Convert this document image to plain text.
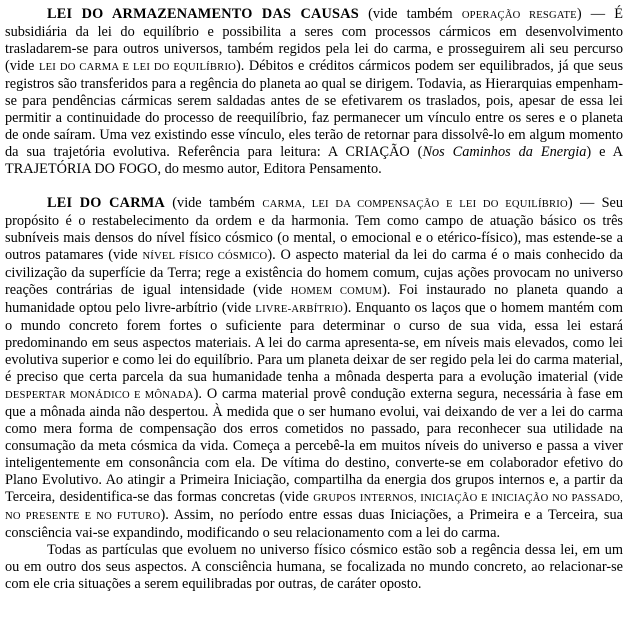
LEI DO ARMAZENAMENTO DAS CAUSAS (vide também OPERAÇÃO RESGATE) — É subsidiária da lei do equilíbrio e possibilita a seres com processos cármicos em desenvolvimento trasladarem-se para outros universos, também regidos pela lei do carma, e prosseguirem ali seu percurso (vide LEI DO CARMA E LEI DO EQUILÍBRIO). Débitos e créditos cármicos podem ser equilibrados, já que seus registros são transferidos para a regência do planeta ao qual se dirigem. Todavia, as Hierarquias empenham-se para pendências cármicas serem saldadas antes de se efetivarem os traslados, pois, apesar de essa lei permitir a continuidade do processo de reequilíbrio, faz permanecer um vínculo entre os seres e o planeta de onde saíram. Uma vez existindo esse vínculo, eles terão de retornar para dissolvê-lo em algum momento da sua trajetória evolutiva. Referência para leitura: A CRIAÇÃO (Nos Caminhos da Energia) e A TRAJETÓRIA DO FOGO, do mesmo autor, Editora Pensamento.

LEI DO CARMA (vide também CARMA, LEI DA COMPENSAÇÃO E LEI DO EQUILÍBRIO) — Seu propósito é o restabelecimento da ordem e da harmonia. Tem como campo de atuação básico os três subníveis mais densos do nível físico cósmico (o mental, o emocional e o etérico-físico), mas estende-se a outros patamares (vide NÍVEL FÍSICO CÓSMICO). O aspecto material da lei do carma é o mais conhecido da civilização da superfície da Terra; rege a existência do homem comum, cujas ações provocam no universo reações contrárias de igual intensidade (vide HOMEM COMUM). Foi instaurado no planeta quando a humanidade optou pelo livre-arbítrio (vide LIVRE-ARBÍTRIO). Enquanto os laços que o homem mantém com o mundo concreto forem fortes o suficiente para determinar o curso de sua vida, essa lei estará predominando em seus aspectos materiais. A lei do carma apresenta-se, em níveis mais elevados, como lei evolutiva superior e como lei do equilíbrio. Para um planeta deixar de ser regido pela lei do carma material, é preciso que certa parcela da sua humanidade tenha a mônada desperta para a evolução imaterial (vide DESPERTAR MONÁDICO E MÔNADA). O carma material provê condução externa segura, necessária à fase em que a mônada ainda não despertou. À medida que o ser humano evolui, vai deixando de ver a lei do carma como mera forma de compensação dos erros cometidos no passado, para reconhecer sua utilidade na consumação da meta cósmica da vida. Começa a percebê-la em muitos níveis do universo e passa a viver inteligentemente em consonância com ela. De vítima do destino, converte-se em colaborador efetivo do Plano Evolutivo. Ao atingir a Primeira Iniciação, compartilha da energia dos grupos internos e, a partir da Terceira, desidentifica-se das formas concretas (vide GRUPOS INTERNOS, INICIAÇÃO E INICIAÇÃO NO PASSADO, NO PRESENTE E NO FUTURO). Assim, no período entre essas duas Iniciações, a Primeira e a Terceira, sua consciência vai-se expandindo, modificando o seu relacionamento com a lei do carma.

Todas as partículas que evoluem no universo físico cósmico estão sob a regência dessa lei, em um ou em outro dos seus aspectos. A consciência humana, se focalizada no mundo concreto, ao relacionar-se com ele cria situações a serem equilibradas por outras, de caráter oposto.
